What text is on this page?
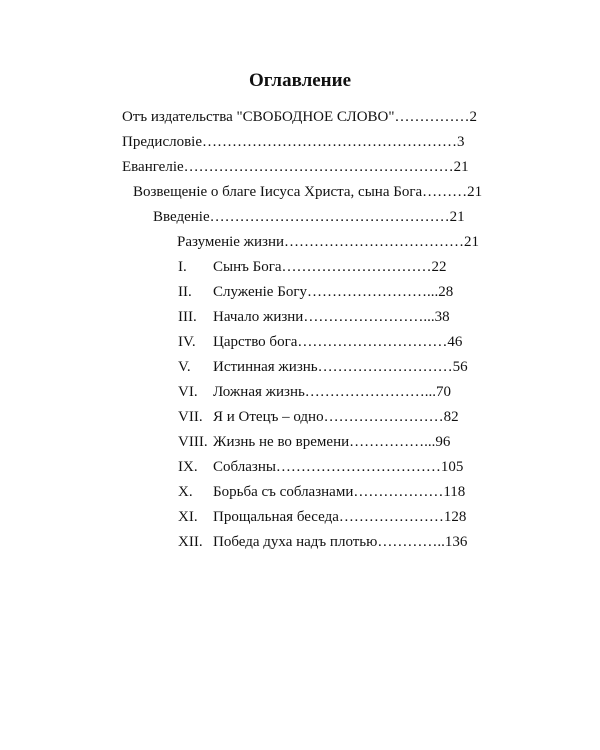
Оглавление
Отъ издательства "СВОБОДНОЕ СЛОВО"……………2
Предисловіе……………………………………………3
Евангеліе………………………………………………21
Возвещеніе о благе Іисуса Христа, сына Бога………21
Введеніе…………………………………………21
Разуменіе жизни………………………………21
I. Сынъ Бога…………………………22
II. Служеніе Богу……………………...28
III. Начало жизни……………………...38
IV. Царство бога…………………………46
V. Истинная жизнь………………………56
VI. Ложная жизнь……………………...70
VII. Я и Отецъ – одно……………………82
VIII. Жизнь не во времени……………...96
IX. Соблазны……………………………105
X. Борьба съ соблазнами………………118
XI. Прощальная беседа…………………128
XII. Победа духа надъ плотью…………..136
